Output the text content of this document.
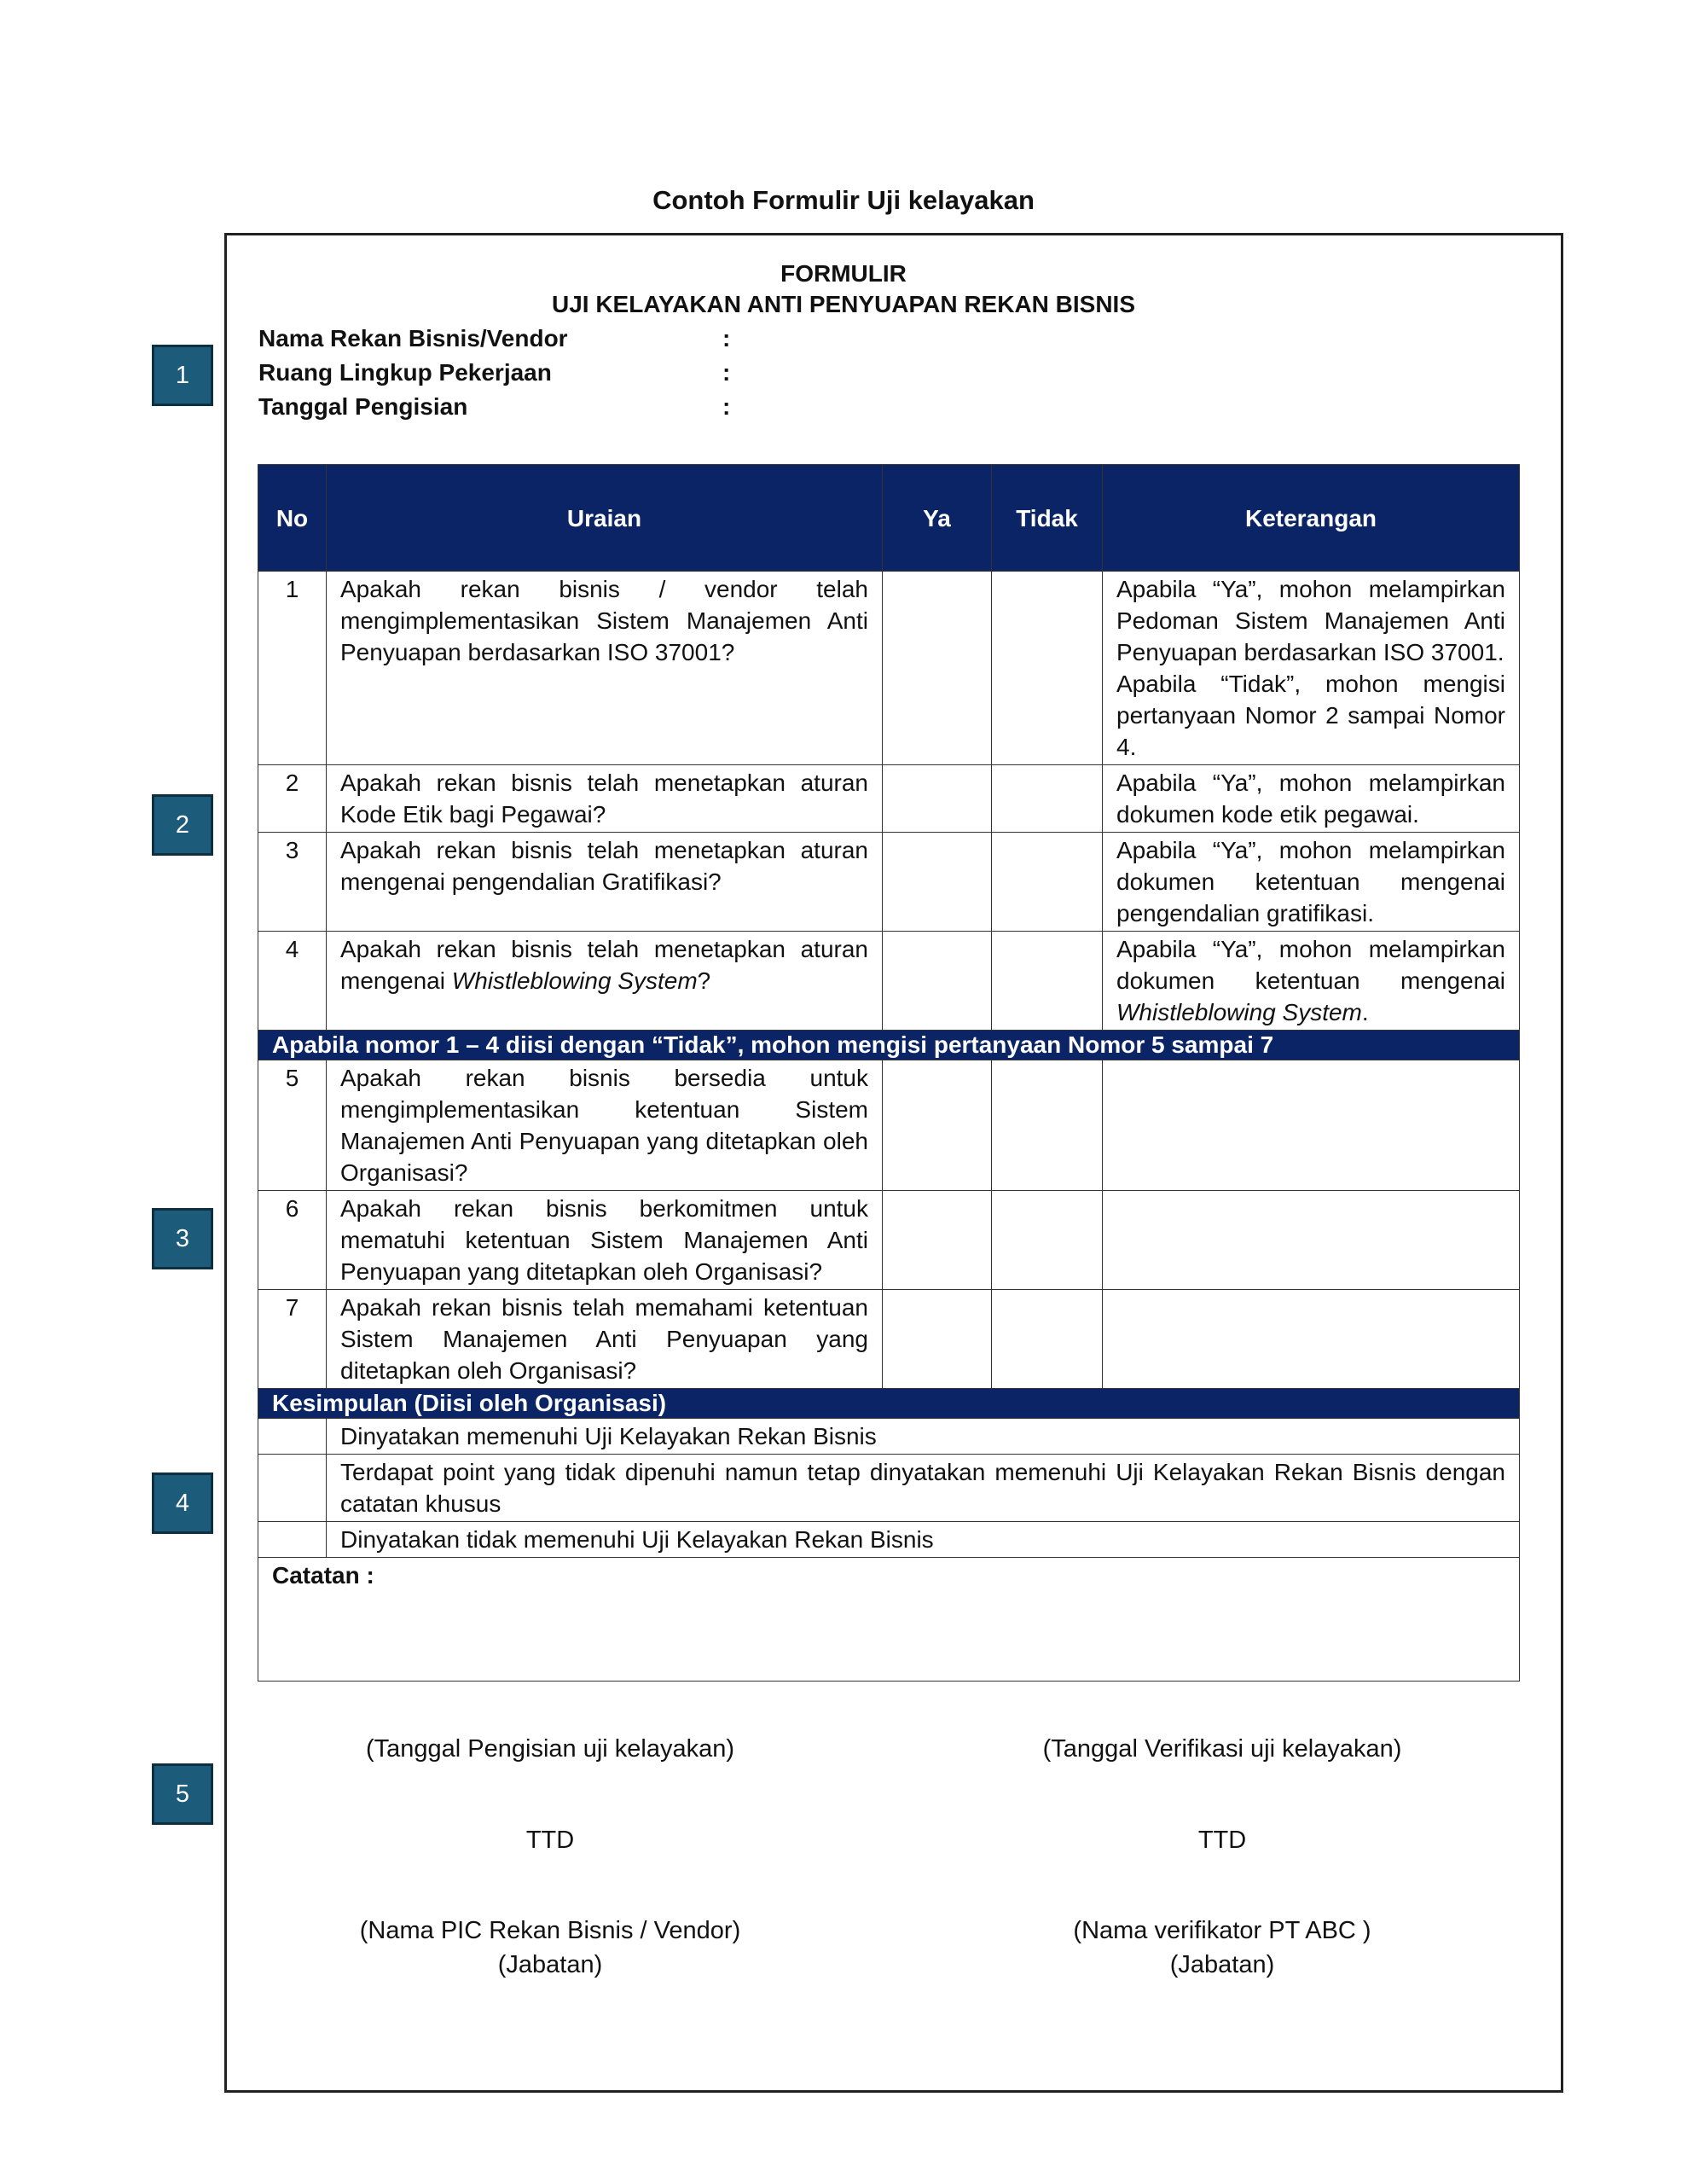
Contoh Formulir Uji kelayakan
1
2
3
4
5
FORMULIR
UJI KELAYAKAN ANTI PENYUAPAN REKAN BISNIS
Nama Rekan Bisnis/Vendor	:
Ruang Lingkup Pekerjaan	:
Tanggal Pengisian	:
No	Uraian	Ya	Tidak	Keterangan
1	Apakah rekan bisnis / vendor telah mengimplementasikan Sistem Manajemen Anti Penyuapan berdasarkan ISO 37001?			Apabila “Ya”, mohon melampirkan Pedoman Sistem Manajemen Anti Penyuapan berdasarkan ISO 37001.
Apabila “Tidak”, mohon mengisi pertanyaan Nomor 2 sampai Nomor 4.

2	Apakah rekan bisnis telah menetapkan aturan Kode Etik bagi Pegawai?			Apabila “Ya”, mohon melampirkan dokumen kode etik pegawai.
3	Apakah rekan bisnis telah menetapkan aturan mengenai pengendalian Gratifikasi?			Apabila “Ya”, mohon melampirkan dokumen ketentuan mengenai pengendalian gratifikasi.
4	Apakah rekan bisnis telah menetapkan aturan mengenai Whistleblowing System?			Apabila “Ya”, mohon melampirkan dokumen ketentuan mengenai Whistleblowing System.
Apabila nomor 1 – 4 diisi dengan “Tidak”, mohon mengisi pertanyaan Nomor 5 sampai 7				
5	Apakah rekan bisnis bersedia untuk mengimplementasikan ketentuan Sistem Manajemen Anti Penyuapan yang ditetapkan oleh Organisasi?			
6	Apakah rekan bisnis berkomitmen untuk mematuhi ketentuan Sistem Manajemen Anti Penyuapan yang ditetapkan oleh Organisasi?			
7	Apakah rekan bisnis telah memahami ketentuan Sistem Manajemen Anti Penyuapan yang ditetapkan oleh Organisasi?			
Kesimpulan (Diisi oleh Organisasi)				
	Dinyatakan memenuhi Uji Kelayakan Rekan Bisnis			
	Terdapat point yang tidak dipenuhi namun tetap dinyatakan memenuhi Uji Kelayakan Rekan Bisnis dengan catatan khusus			
	Dinyatakan tidak memenuhi Uji Kelayakan Rekan Bisnis			
Catatan :				
(Tanggal Pengisian uji kelayakan)
TTD
(Nama PIC Rekan Bisnis / Vendor)
(Jabatan)
(Tanggal Verifikasi uji kelayakan)
TTD
(Nama verifikator PT ABC )
(Jabatan)
